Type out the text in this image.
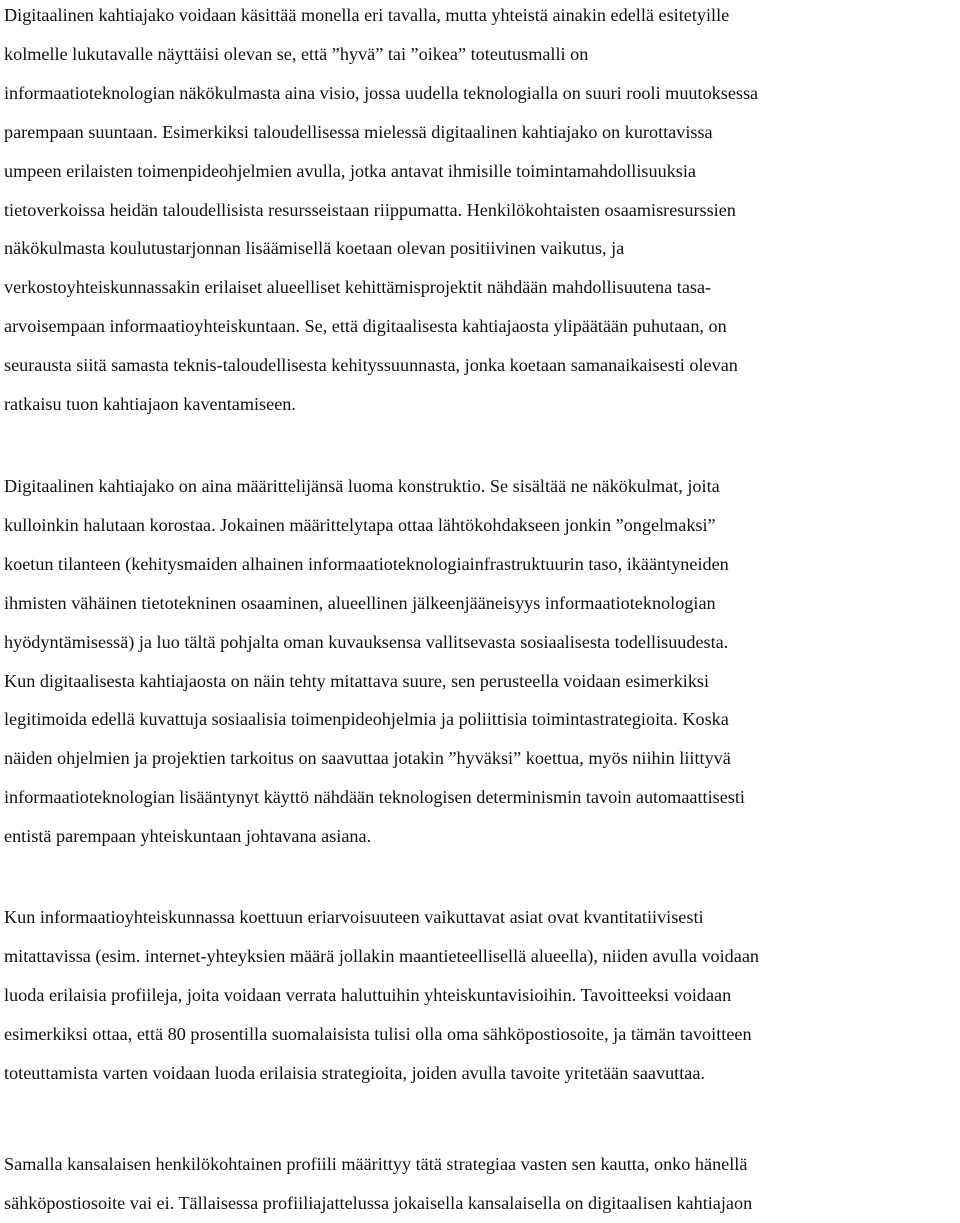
Digitaalinen kahtiajako voidaan käsittää monella eri tavalla, mutta yhteistä ainakin edellä esitetyille
kolmelle lukutavalle näyttäisi olevan se, että ”hyvä” tai ”oikea” toteutusmalli on
informaatioteknologian näkökulmasta aina visio, jossa uudella teknologialla on suuri rooli muutoksessa
parempaan suuntaan. Esimerkiksi taloudellisessa mielessä digitaalinen kahtiajako on kurottavissa
umpeen erilaisten toimenpideohjelmien avulla, jotka antavat ihmisille toimintamahdollisuuksia
tietoverkoissa heidän taloudellisista resursseistaan riippumatta. Henkilökohtaisten osaamisresurssien
näkökulmasta koulutustarjonnan lisäämisellä koetaan olevan positiivinen vaikutus, ja
verkostoyhteiskunnassakin erilaiset alueelliset kehittämisprojektit nähdään mahdollisuutena tasa-
arvoisempaan informaatioyhteiskuntaan. Se, että digitaalisesta kahtiajaosta ylipäätään puhutaan, on
seurausta siitä samasta teknis-taloudellisesta kehityssuunnasta, jonka koetaan samanaikaisesti olevan
ratkaisu tuon kahtiajaon kaventamiseen.

Digitaalinen kahtiajako on aina määrittelijänsä luoma konstruktio. Se sisältää ne näkökulmat, joita
kulloinkin halutaan korostaa. Jokainen määrittelytapa ottaa lähtökohdakseen jonkin ”ongelmaksi”
koetun tilanteen (kehitysmaiden alhainen informaatioteknologiainfrastruktuurin taso, ikääntyneiden
ihmisten vähäinen tietotekninen osaaminen, alueellinen jälkeenjääneisyys informaatioteknologian
hyödyntämisessä) ja luo tältä pohjalta oman kuvauksensa vallitsevasta sosiaalisesta todellisuudesta.
Kun digitaalisesta kahtiajaosta on näin tehty mitattava suure, sen perusteella voidaan esimerkiksi
legitimoida edellä kuvattuja sosiaalisia toimenpideohjelmia ja poliittisia toimintastrategioita. Koska
näiden ohjelmien ja projektien tarkoitus on saavuttaa jotakin ”hyväksi” koettua, myös niihin liittyvä
informaatioteknologian lisääntynyt käyttö nähdään teknologisen determinismin tavoin automaattisesti
entistä parempaan yhteiskuntaan johtavana asiana.

Kun informaatioyhteiskunnassa koettuun eriarvoisuuteen vaikuttavat asiat ovat kvantitatiivisesti
mitattavissa (esim. internet-yhteyksien määrä jollakin maantieteellisellä alueella), niiden avulla voidaan
luoda erilaisia profiileja, joita voidaan verrata haluttuihin yhteiskuntavisioihin. Tavoitteeksi voidaan
esimerkiksi ottaa, että 80 prosentilla suomalaisista tulisi olla oma sähköpostiosoite, ja tämän tavoitteen
toteuttamista varten voidaan luoda erilaisia strategioita, joiden avulla tavoite yritetään saavuttaa.

Samalla kansalaisen henkilökohtainen profiili määrittyy tätä strategiaa vasten sen kautta, onko hänellä
sähköpostiosoite vai ei. Tällaisessa profiiliajattelussa jokaisella kansalaisella on digitaalisen kahtiajaon
